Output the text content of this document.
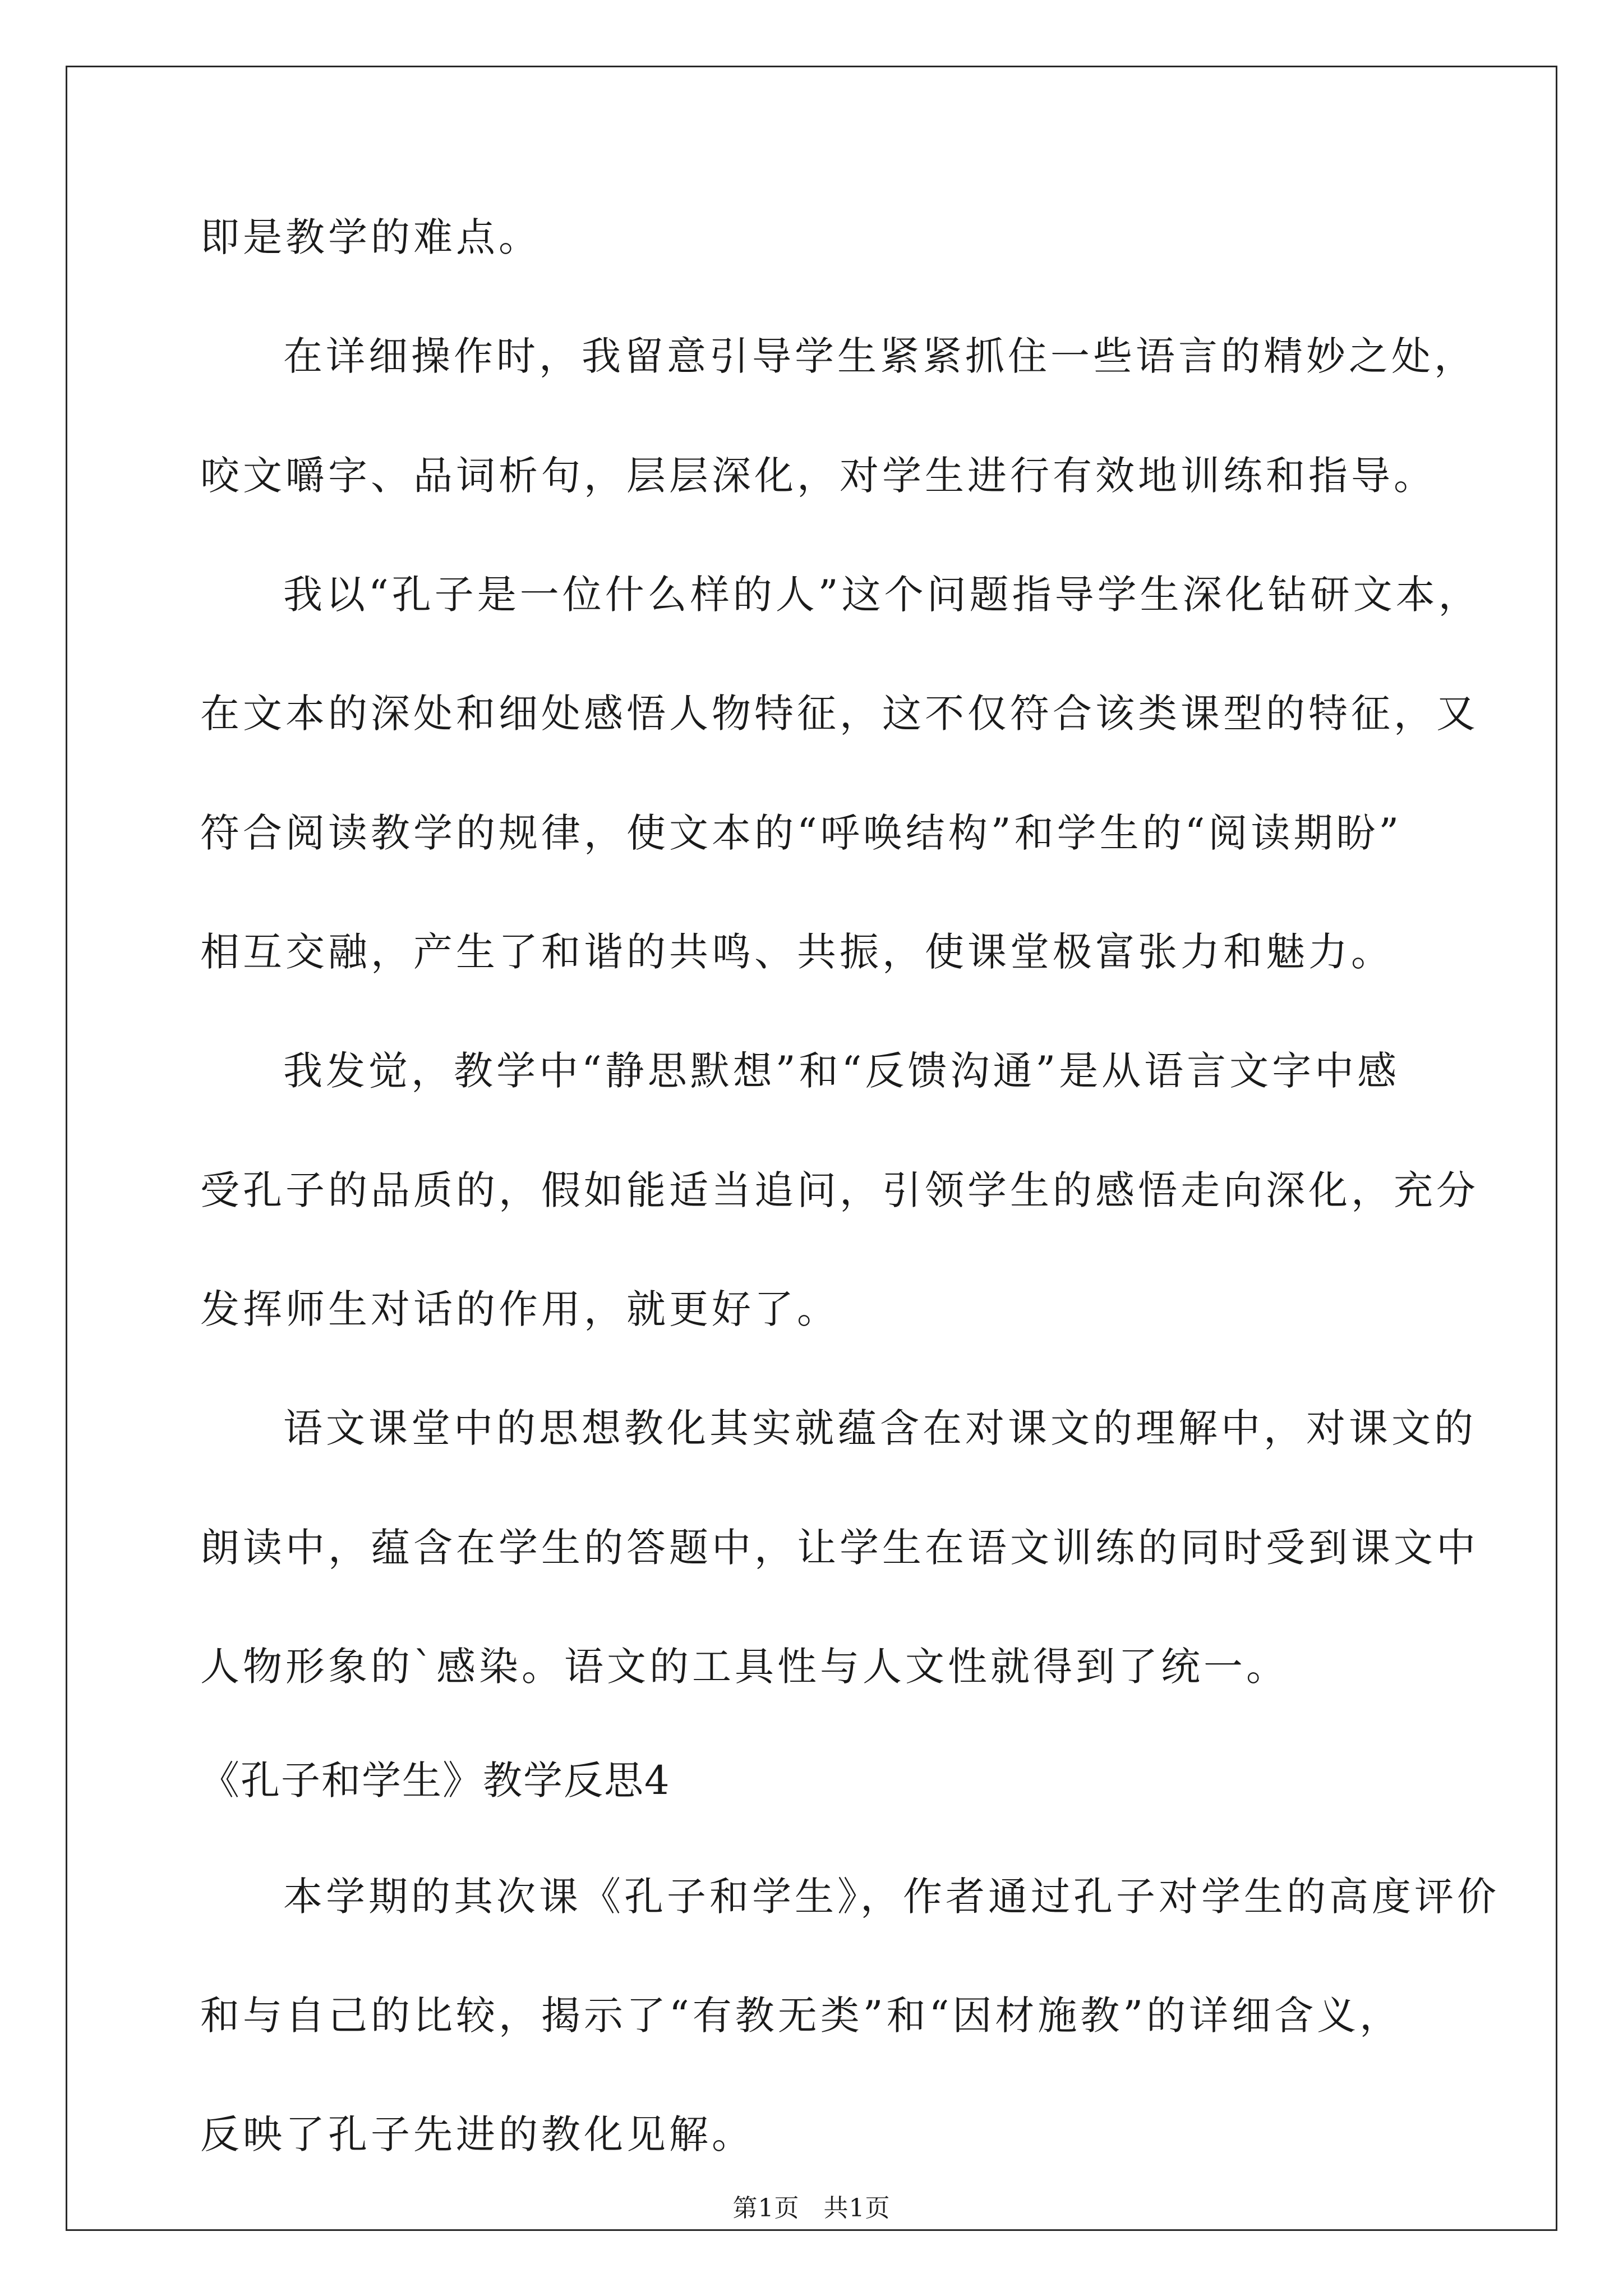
即是教学的难点。
在详细操作时，我留意引导学生紧紧抓住一些语言的精妙之处，
咬文嚼字、品词析句，层层深化，对学生进行有效地训练和指导。
我以“孔子是一位什么样的人”这个问题指导学生深化钻研文本，
在文本的深处和细处感悟人物特征，这不仅符合该类课型的特征，又
符合阅读教学的规律，使文本的“呼唤结构”和学生的“阅读期盼”
相互交融，产生了和谐的共鸣、共振，使课堂极富张力和魅力。
我发觉，教学中“静思默想”和“反馈沟通”是从语言文字中感
受孔子的品质的，假如能适当追问，引领学生的感悟走向深化，充分
发挥师生对话的作用，就更好了。
语文课堂中的思想教化其实就蕴含在对课文的理解中，对课文的
朗读中，蕴含在学生的答题中，让学生在语文训练的同时受到课文中
人物形象的`感染。语文的工具性与人文性就得到了统一。
《孔子和学生》教学反思4
本学期的其次课《孔子和学生》，作者通过孔子对学生的高度评价
和与自己的比较，揭示了“有教无类”和“因材施教”的详细含义，
反映了孔子先进的教化见解。
第1页 共1页
